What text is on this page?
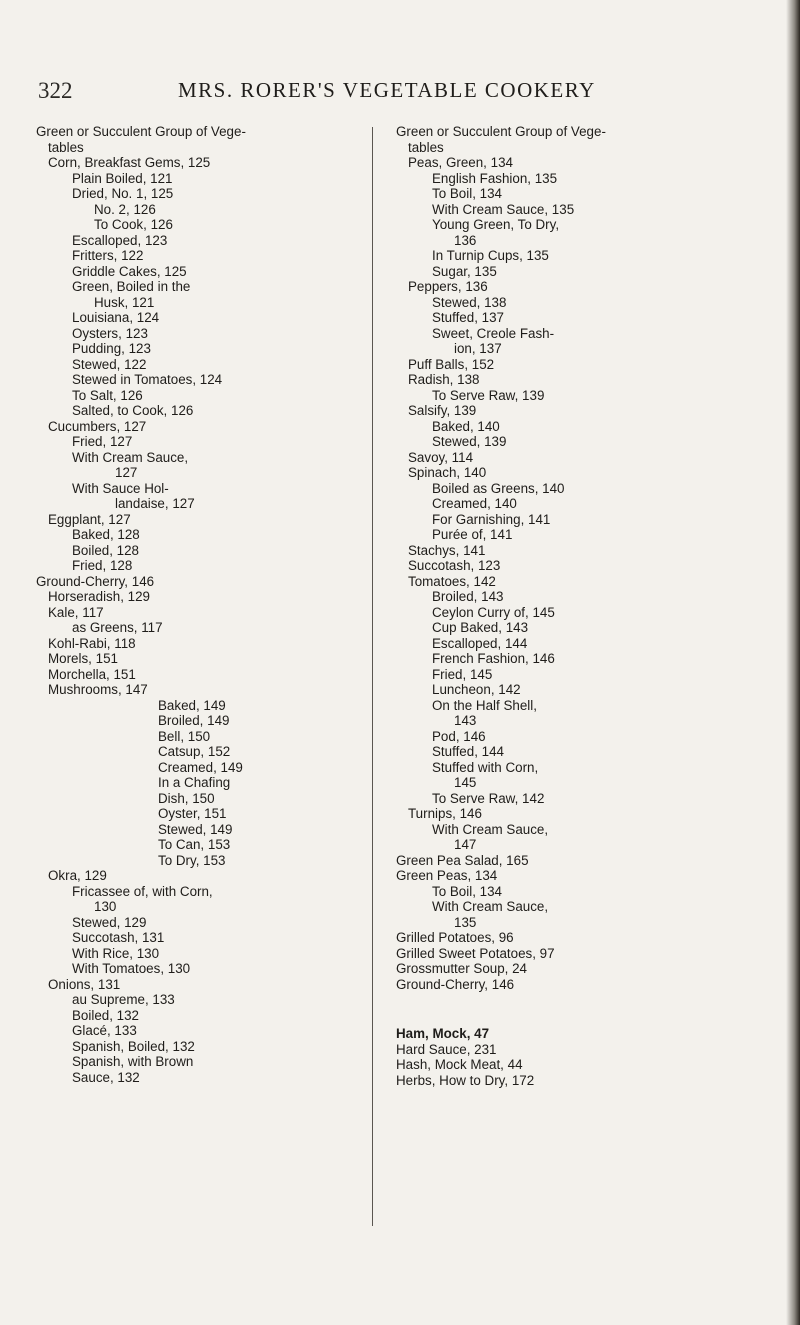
322	MRS. RORER'S VEGETABLE COOKERY
Green or Succulent Group of Vege-
tables
Corn, Breakfast Gems, 125
Plain Boiled, 121
Dried, No. 1, 125
No. 2, 126
To Cook, 126
Escalloped, 123
Fritters, 122
Griddle Cakes, 125
Green, Boiled in the
Husk, 121
Louisiana, 124
Oysters, 123
Pudding, 123
Stewed, 122
Stewed in Tomatoes, 124
To Salt, 126
Salted, to Cook, 126
Cucumbers, 127
Fried, 127
With Cream Sauce,
127
With Sauce Hol-
landaise, 127
Eggplant, 127
Baked, 128
Boiled, 128
Fried, 128
Ground-Cherry, 146
Horseradish, 129
Kale, 117
as Greens, 117
Kohl-Rabi, 118
Morels, 151
Morchella, 151
Mushrooms, 147
Baked, 149
Broiled, 149
Bell, 150
Catsup, 152
Creamed, 149
In a Chafing
Dish, 150
Oyster, 151
Stewed, 149
To Can, 153
To Dry, 153
Okra, 129
Fricassee of, with Corn,
130
Stewed, 129
Succotash, 131
With Rice, 130
With Tomatoes, 130
Onions, 131
au Supreme, 133
Boiled, 132
Glacé, 133
Spanish, Boiled, 132
Spanish, with Brown
Sauce, 132
Green or Succulent Group of Vege-
tables
Peas, Green, 134
English Fashion, 135
To Boil, 134
With Cream Sauce, 135
Young Green, To Dry,
136
In Turnip Cups, 135
Sugar, 135
Peppers, 136
Stewed, 138
Stuffed, 137
Sweet, Creole Fash-
ion, 137
Puff Balls, 152
Radish, 138
To Serve Raw, 139
Salsify, 139
Baked, 140
Stewed, 139
Savoy, 114
Spinach, 140
Boiled as Greens, 140
Creamed, 140
For Garnishing, 141
Purée of, 141
Stachys, 141
Succotash, 123
Tomatoes, 142
Broiled, 143
Ceylon Curry of, 145
Cup Baked, 143
Escalloped, 144
French Fashion, 146
Fried, 145
Luncheon, 142
On the Half Shell,
143
Pod, 146
Stuffed, 144
Stuffed with Corn,
145
To Serve Raw, 142
Turnips, 146
With Cream Sauce,
147
Green Pea Salad, 165
Green Peas, 134
To Boil, 134
With Cream Sauce,
135
Grilled Potatoes, 96
Grilled Sweet Potatoes, 97
Grossmutter Soup, 24
Ground-Cherry, 146
Ham, Mock, 47
Hard Sauce, 231
Hash, Mock Meat, 44
Herbs, How to Dry, 172
